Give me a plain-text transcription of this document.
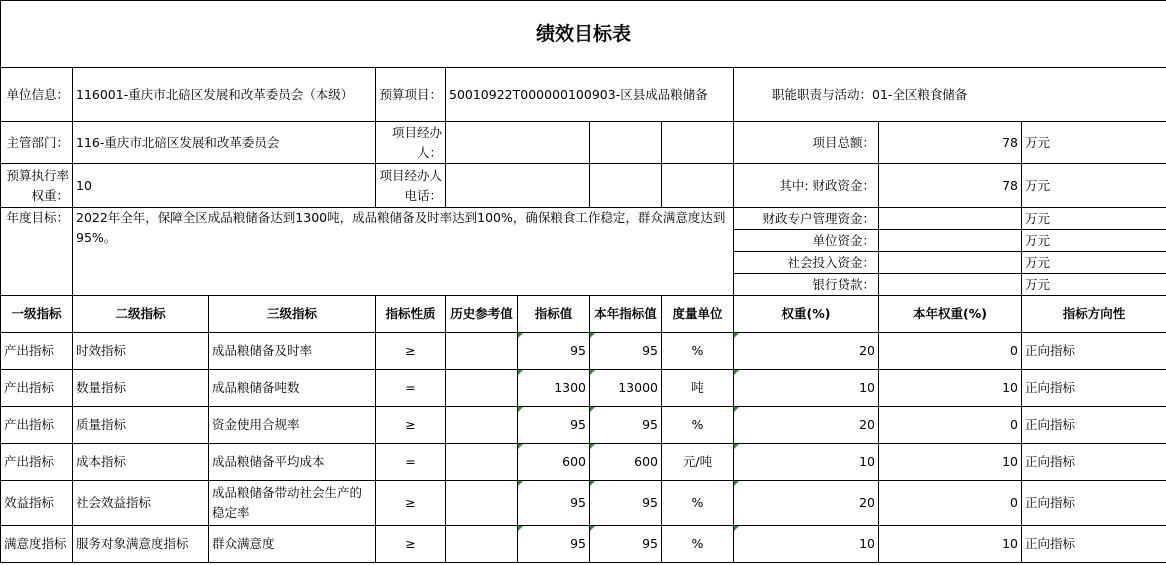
绩效目标表										
单位信息：	116001-重庆市北碚区发展和改革委员会（本级）		预算项目：	50010922T000000100903-区县成品粮储备				职能职责与活动： 01-全区粮食储备		

主管部门：	116-重庆市北碚区发展和改革委员会		项目经办人：					项目总额：	78	万元
预算执行率权重：	10		项目经办人电话：					其中: 财政资金：	78	万元
年度目标：	2022年全年，保障全区成品粮储备达到1300吨，成品粮储备及时率达到100%，确保粮食工作稳定，群众满意度达到95%。							财政专户管理资金：		万元
								单位资金：		万元
								社会投入资金：		万元
								银行贷款：		万元
一级指标	二级指标	三级指标	指标性质	历史参考值	指标值	本年指标值	度量单位	权重(%)	本年权重(%)	指标方向性
产出指标	时效指标	成品粮储备及时率	≥		95	95	%	20	0	正向指标
产出指标	数量指标	成品粮储备吨数	=		1300	13000	吨	10	10	正向指标
产出指标	质量指标	资金使用合规率	≥		95	95	%	20	0	正向指标
产出指标	成本指标	成品粮储备平均成本	=		600	600	元/吨	10	10	正向指标
效益指标	社会效益指标	成品粮储备带动社会生产的稳定率	≥		95	95	%	20	0	正向指标
满意度指标	服务对象满意度指标	群众满意度	≥		95	95	%	10	10	正向指标
